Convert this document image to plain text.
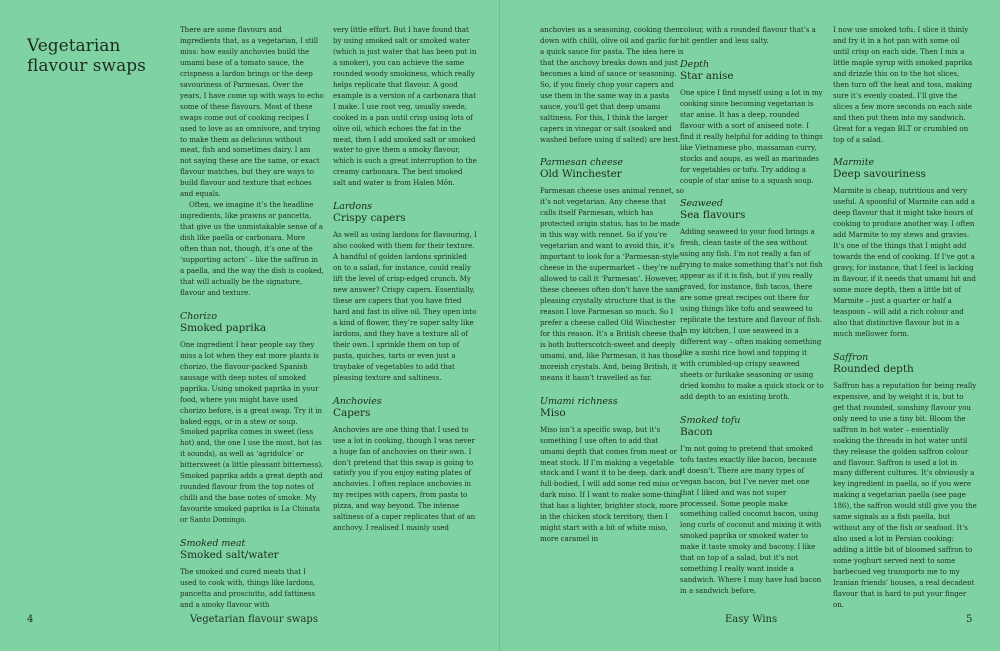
Vegetarian flavour swaps

There are some flavours and ingredients that, as a vegetarian, I still miss: how easily anchovies build the umami base of a tomato sauce, the crispness a lardon brings or the deep savouriness of Parmesan. Over the years, I have come up with ways to echo some of these flavours. Most of these swaps come out of cooking recipes I used to love as an omnivore, and trying to make them as delicious without meat, fish and sometimes dairy. I am not saying these are the same, or exact flavour matches, but they are ways to build flavour and texture that echoes and equals.

Often, we imagine it’s the headline ingredients, like prawns or pancetta, that give us the unmistakable sense of a dish like paella or carbonara. More often than not, though, it’s one of the ‘supporting actors’ – like the saffron in a paella, and the way the dish is cooked, that will actually be the signature, flavour and texture.

Chorizo
Smoked paprika

One ingredient I hear people say they miss a lot when they eat more plants is chorizo, the flavour-packed Spanish sausage with deep notes of smoked paprika. Using smoked paprika in your food, where you might have used chorizo before, is a great swap. Try it in baked eggs, or in a stew or soup. Smoked paprika comes in sweet (less hot) and, the one I use the most, hot (as it sounds), as well as ‘agridulce’ or bittersweet (a little pleasant bitterness). Smoked paprika adds a great depth and rounded flavour from the top notes of chilli and the base notes of smoke. My favourite smoked paprika is La Chinata or Santo Domingo.

Smoked meat
Smoked salt/water

The smoked and cured meats that I used to cook with, things like lardons, pancetta and prosciutto, add fattiness and a smoky flavour with

very little effort. But I have found that by using smoked salt or smoked water (which is just water that has been put in a smoker), you can achieve the same rounded woody smokiness, which really helps replicate that flavour. A good example is a version of a carbonara that I make. I use root veg, usually swede, cooked in a pan until crisp using lots of olive oil, which echoes the fat in the meat, then I add smoked salt or smoked water to give them a smoky flavour, which is such a great interruption to the creamy carbonara. The best smoked salt and water is from Halen Môn.

Lardons
Crispy capers

As well as using lardons for flavouring, I also cooked with them for their texture. A handful of golden lardons sprinkled on to a salad, for instance, could really lift the level of crisp-edged crunch. My new answer? Crispy capers. Essentially, these are capers that you have fried hard and fast in olive oil. They open into a kind of flower, they’re super salty like lardons, and they have a texture all of their own. I sprinkle them on top of pasta, quiches, tarts or even just a traybake of vegetables to add that pleasing texture and saltiness.

Anchovies
Capers

Anchovies are one thing that I used to use a lot in cooking, though I was never a huge fan of anchovies on their own. I don’t pretend that this swap is going to satisfy you if you enjoy eating plates of anchovies. I often replace anchovies in my recipes with capers, from pasta to pizza, and way beyond. The intense saltiness of a caper replicates that of an anchovy. I realised I mainly used

anchovies as a seasoning, cooking them down with chilli, olive oil and garlic for a quick sauce for pasta. The idea here is that the anchovy breaks down and just becomes a kind of sauce or seasoning. So, if you finely chop your capers and use them in the same way in a pasta sauce, you’ll get that deep umami saltiness. For this, I think the larger capers in vinegar or salt (soaked and washed before using if salted) are best.

Parmesan cheese
Old Winchester

Parmesan cheese uses animal rennet, so it’s not vegetarian. Any cheese that calls itself Parmesan, which has protected origin status, has to be made in this way with rennet. So if you’re vegetarian and want to avoid this, it’s important to look for a ‘Parmesan-style’ cheese in the supermarket – they’re not allowed to call it ‘Parmesan’. However, these cheeses often don’t have the same pleasing crystally structure that is the reason I love Parmesan so much. So I prefer a cheese called Old Winchester for this reason. It’s a British cheese that is both butterscotch-sweet and deeply umami, and, like Parmesan, it has those moreish crystals. And, being British, it means it hasn’t travelled as far.

Umami richness
Miso

Miso isn’t a specific swap, but it’s something I use often to add that umami depth that comes from meat or meat stock. If I’m making a vegetable stock and I want it to be deep, dark and full-bodied, I will add some red miso or dark miso. If I want to make some-thing that has a lighter, brighter stock, more in the chicken stock territory, then I might start with a bit of white miso, more caramel in

colour, with a rounded flavour that’s a bit gentler and less salty.

Depth
Star anise

One spice I find myself using a lot in my cooking since becoming vegetarian is star anise. It has a deep, rounded flavour with a sort of aniseed note. I find it really helpful for adding to things like Vietnamese pho, massaman curry, stocks and soups, as well as marinades for vegetables or tofu. Try adding a couple of star anise to a squash soup.

Seaweed
Sea flavours

Adding seaweed to your food brings a fresh, clean taste of the sea without using any fish. I’m not really a fan of trying to make something that’s not fish appear as if it is fish, but if you really craved, for instance, fish tacos, there are some great recipes out there for using things like tofu and seaweed to replicate the texture and flavour of fish. In my kitchen, I use seaweed in a different way – often making something like a sushi rice bowl and topping it with crumbled-up crispy seaweed sheets or furikake seasoning or using dried kombu to make a quick stock or to add depth to an existing broth.

Smoked tofu
Bacon

I’m not going to pretend that smoked tofu tastes exactly like bacon, because it doesn’t. There are many types of vegan bacon, but I’ve never met one that I liked and was not super processed. Some people make something called coconut bacon, using long curls of coconut and mixing it with smoked paprika or smoked water to make it taste smoky and bacony. I like that on top of a salad, but it’s not something I really want inside a sandwich. Where I may have had bacon in a sandwich before,

I now use smoked tofu. I slice it thinly and fry it in a hot pan with some oil until crisp on each side. Then I mix a little maple syrup with smoked paprika and drizzle this on to the hot slices, then turn off the heat and toss, making sure it’s evenly coated. I’ll give the slices a few more seconds on each side and then put them into my sandwich. Great for a vegan BLT or crumbled on top of a salad.

Marmite
Deep savouriness

Marmite is cheap, nutritious and very useful. A spoonful of Marmite can add a deep flavour that it might take hours of cooking to produce another way. I often add Marmite to my stews and gravies. It’s one of the things that I might add towards the end of cooking. If I’ve got a gravy, for instance, that I feel is lacking in flavour, if it needs that umami hit and some more depth, then a little bit of Marmite – just a quarter or half a teaspoon – will add a rich colour and also that distinctive flavour but in a much mellower form.

Saffron
Rounded depth

Saffron has a reputation for being really expensive, and by weight it is, but to get that rounded, sunshiny flavour you only need to use a tiny bit. Bloom the saffron in hot water – essentially soaking the threads in hot water until they release the golden saffron colour and flavour. Saffron is used a lot in many different cultures. It’s obviously a key ingredient in paella, so if you were making a vegetarian paella (see page 186), the saffron would still give you the same signals as a fish paella, but without any of the fish or seafood. It’s also used a lot in Persian cooking: adding a little bit of bloomed saffron to some yoghurt served next to some barbecued veg transports me to my Iranian friends’ houses, a real decadent flavour that is hard to put your finger on.

4	Vegetarian flavour swaps	Easy Wins	5
